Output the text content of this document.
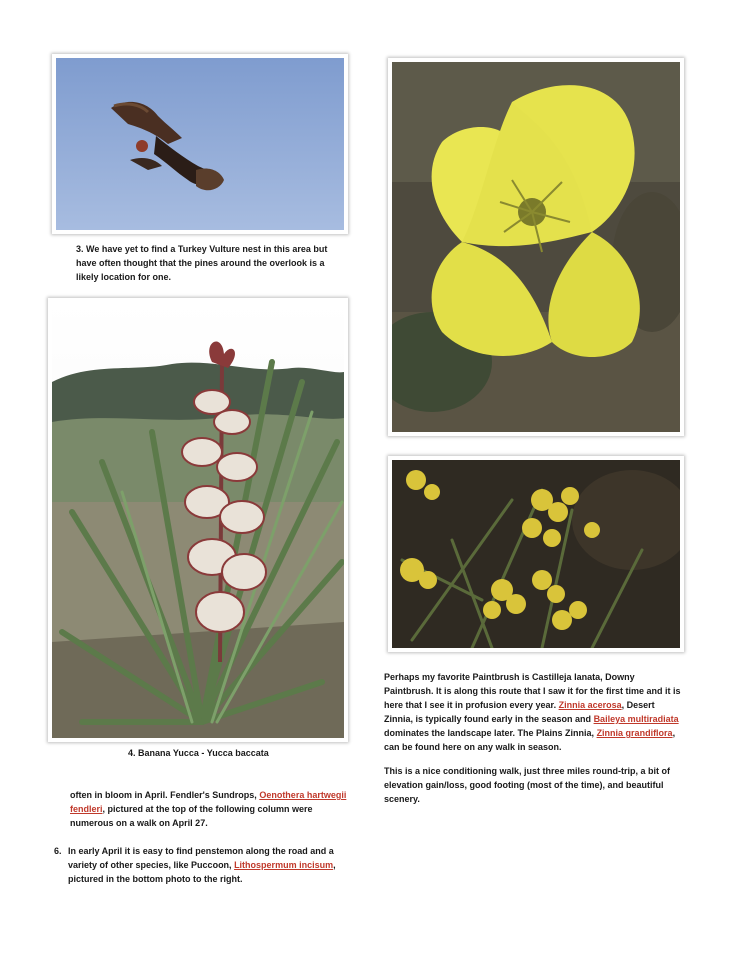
3. We have yet to find a Turkey Vulture nest in this area but have often thought that the pines around the overlook is a likely location for one.
4. Banana Yucca - Yucca baccata

Perhaps my favorite Paintbrush is Castilleja lanata, Downy Paintbrush. It is along this route that I saw it for the first time and it is here that I see it in profusion every year. Zinnia acerosa, Desert Zinnia, is typically found early in the season and Baileya multiradiata dominates the landscape later. The Plains Zinnia, Zinnia grandiflora, can be found here on any walk in season.

This is a nice conditioning walk, just three miles round-trip, a bit of elevation gain/loss, good footing (most of the time), and beautiful scenery.

often in bloom in April. Fendler's Sundrops, Oenothera hartwegii fendleri, pictured at the top of the following column were numerous on a walk on April 27.

6. In early April it is easy to find penstemon along the road and a variety of other species, like Puccoon, Lithospermum incisum, pictured in the bottom photo to the right.
